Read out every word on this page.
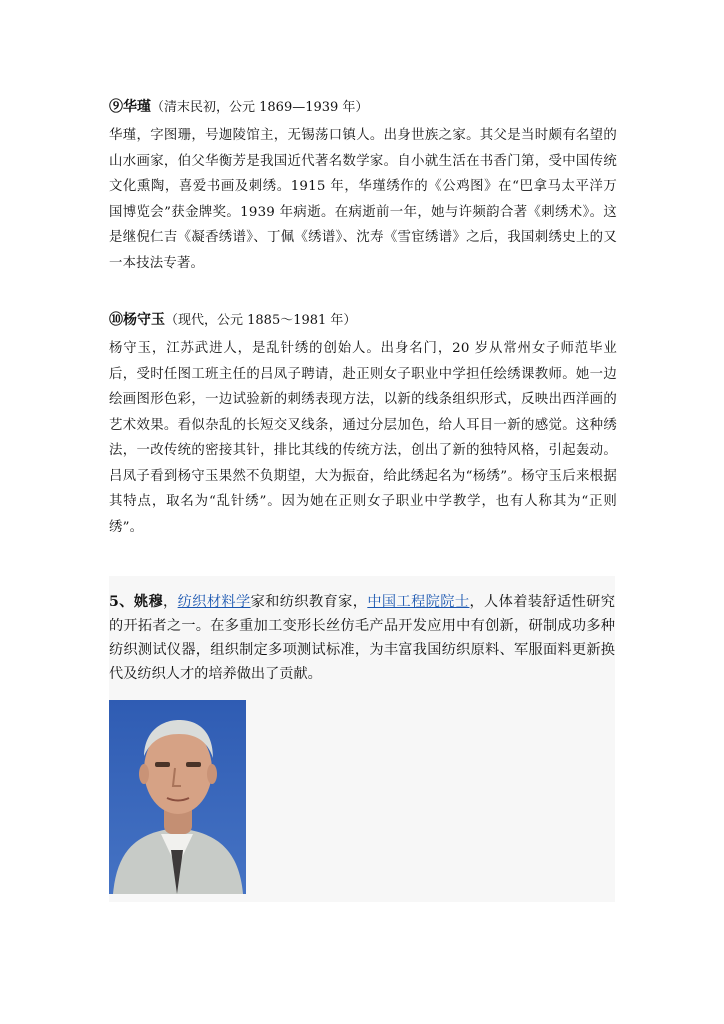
⑨华瑾（清末民初，公元 1869—1939 年）
华瑾，字图珊，号迦陵馆主，无锡荡口镇人。出身世族之家。其父是当时颇有名望的山水画家，伯父华衡芳是我国近代著名数学家。自小就生活在书香门第，受中国传统文化熏陶，喜爱书画及刺绣。1915 年，华瑾绣作的《公鸡图》在“巴拿马太平洋万国博览会”获金牌奖。1939 年病逝。在病逝前一年，她与许频韵合著《刺绣术》。这是继倪仁吉《凝香绣谱》、丁佩《绣谱》、沈寿《雪宦绣谱》之后，我国刺绣史上的又一本技法专著。
⑩杨守玉（现代，公元 1885～1981 年）
杨守玉，江苏武进人，是乱针绣的创始人。出身名门，20 岁从常州女子师范毕业后，受时任图工班主任的吕凤子聘请，赴正则女子职业中学担任绘绣课教师。她一边绘画图形色彩，一边试验新的刺绣表现方法，以新的线条组织形式，反映出西洋画的艺术效果。看似杂乱的长短交叉线条，通过分层加色，给人耳目一新的感觉。这种绣法，一改传统的密接其针，排比其线的传统方法，创出了新的独特风格，引起轰动。吕凤子看到杨守玉果然不负期望，大为振奋，给此绣起名为“杨绣”。杨守玉后来根据其特点，取名为“乱针绣”。因为她在正则女子职业中学教学，也有人称其为“正则绣”。
5、姚穆，纺织材料学家和纺织教育家，中国工程院院士，人体着装舒适性研究的开拓者之一。在多重加工变形长丝仿毛产品开发应用中有创新，研制成功多种纺织测试仪器，组织制定多项测试标准，为丰富我国纺织原料、军服面料更新换代及纺织人才的培养做出了贡献。
